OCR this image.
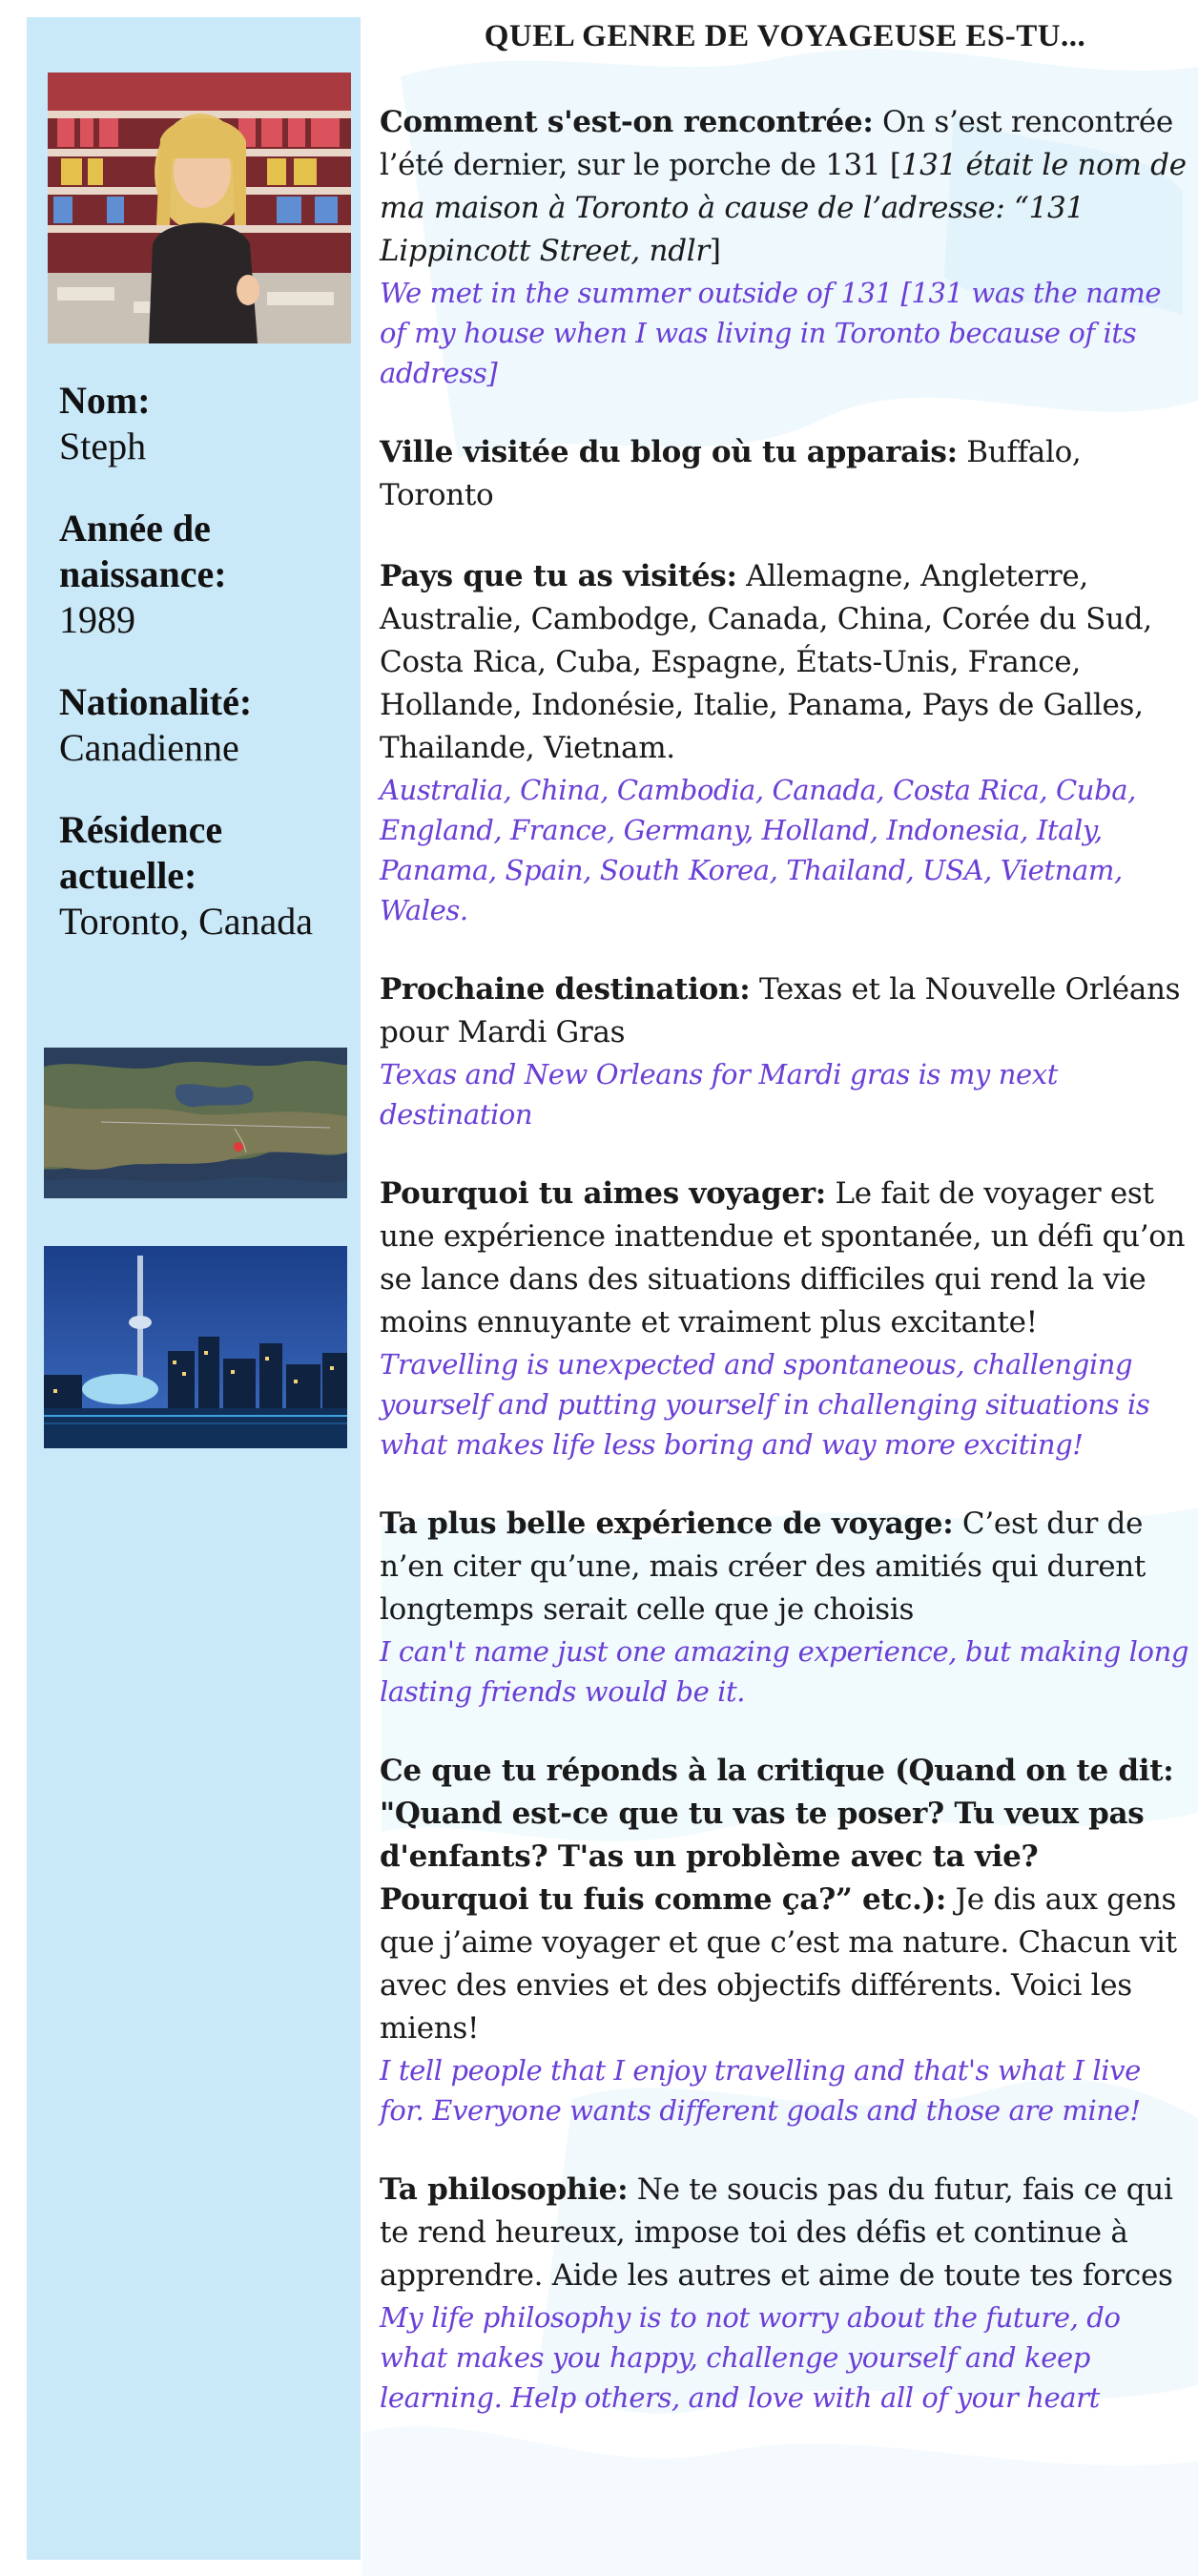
Nom:
Steph
Année de naissance:
1989
Nationalité:
Canadienne
Résidence actuelle:
Toronto, Canada
QUEL GENRE DE VOYAGEUSE ES-TU...

Comment s'est-on rencontrée: On s’est rencontrée l’été dernier, sur le porche de 131 [131 était le nom de ma maison à Toronto à cause de l’adresse: “131 Lippincott Street, ndlr]

We met in the summer outside of 131 [131 was the name of my house when I was living in Toronto because of its address]

Ville visitée du blog où tu apparais: Buffalo, Toronto

Pays que tu as visités: Allemagne, Angleterre, Australie, Cambodge, Canada, China, Corée du Sud, Costa Rica, Cuba, Espagne, États-Unis, France, Hollande, Indonésie, Italie, Panama, Pays de Galles, Thailande, Vietnam.

Australia, China, Cambodia, Canada, Costa Rica, Cuba, England, France, Germany, Holland, Indonesia, Italy, Panama, Spain, South Korea, Thailand, USA, Vietnam, Wales.

Prochaine destination: Texas et la Nouvelle Orléans pour Mardi Gras

Texas and New Orleans for Mardi gras is my next destination

Pourquoi tu aimes voyager: Le fait de voyager est une expérience inattendue et spontanée, un défi qu’on se lance dans des situations difficiles qui rend la vie moins ennuyante et vraiment plus excitante!

Travelling is unexpected and spontaneous, challenging yourself and putting yourself in challenging situations is what makes life less boring and way more exciting!

Ta plus belle expérience de voyage: C’est dur de n’en citer qu’une, mais créer des amitiés qui durent longtemps serait celle que je choisis

I can't name just one amazing experience, but making long lasting friends would be it.

Ce que tu réponds à la critique (Quand on te dit: "Quand est-ce que tu vas te poser? Tu veux pas d'enfants? T'as un problème avec ta vie? Pourquoi tu fuis comme ça?” etc.): Je dis aux gens que j’aime voyager et que c’est ma nature. Chacun vit avec des envies et des objectifs différents. Voici les miens!

I tell people that I enjoy travelling and that's what I live for. Everyone wants different goals and those are mine!

Ta philosophie: Ne te soucis pas du futur, fais ce qui te rend heureux, impose toi des défis et continue à apprendre. Aide les autres et aime de toute tes forces

My life philosophy is to not worry about the future, do what makes you happy, challenge yourself and keep learning. Help others, and love with all of your heart
